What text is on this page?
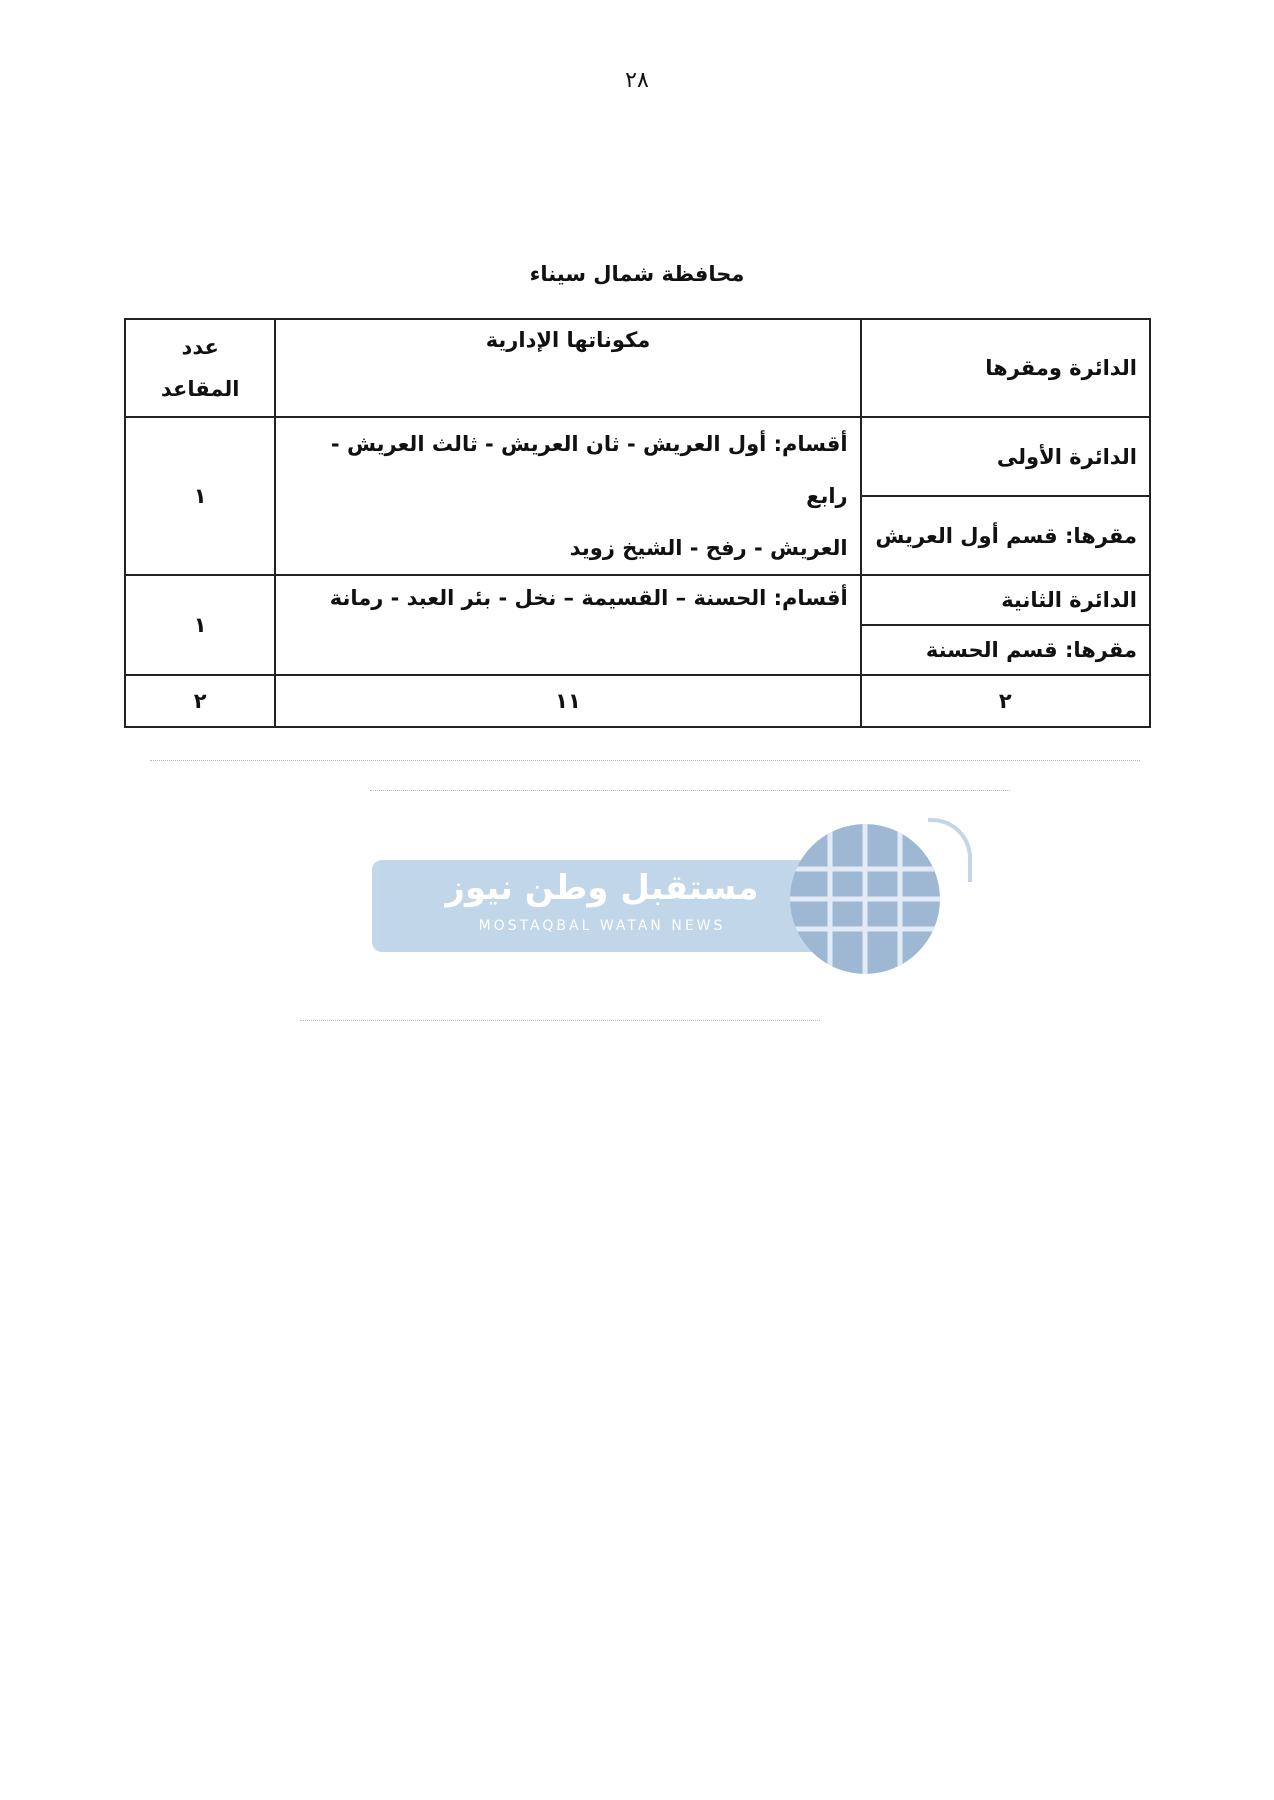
٢٨
محافظة شمال سيناء
الدائرة ومقرها	مكوناتها الإدارية	عدد
المقاعد

الدائرة الأولى	أقسام: أول العريش - ثان العريش - ثالث العريش - رابع
العريش - رفح - الشيخ زويد	١
مقرها: قسم أول العريش		
الدائرة الثانية	أقسام: الحسنة – القسيمة – نخل - بئر العبد - رمانة	١
مقرها: قسم الحسنة		
٢	١١	٢
مستقبل وطن نيوز
MOSTAQBAL WATAN NEWS
